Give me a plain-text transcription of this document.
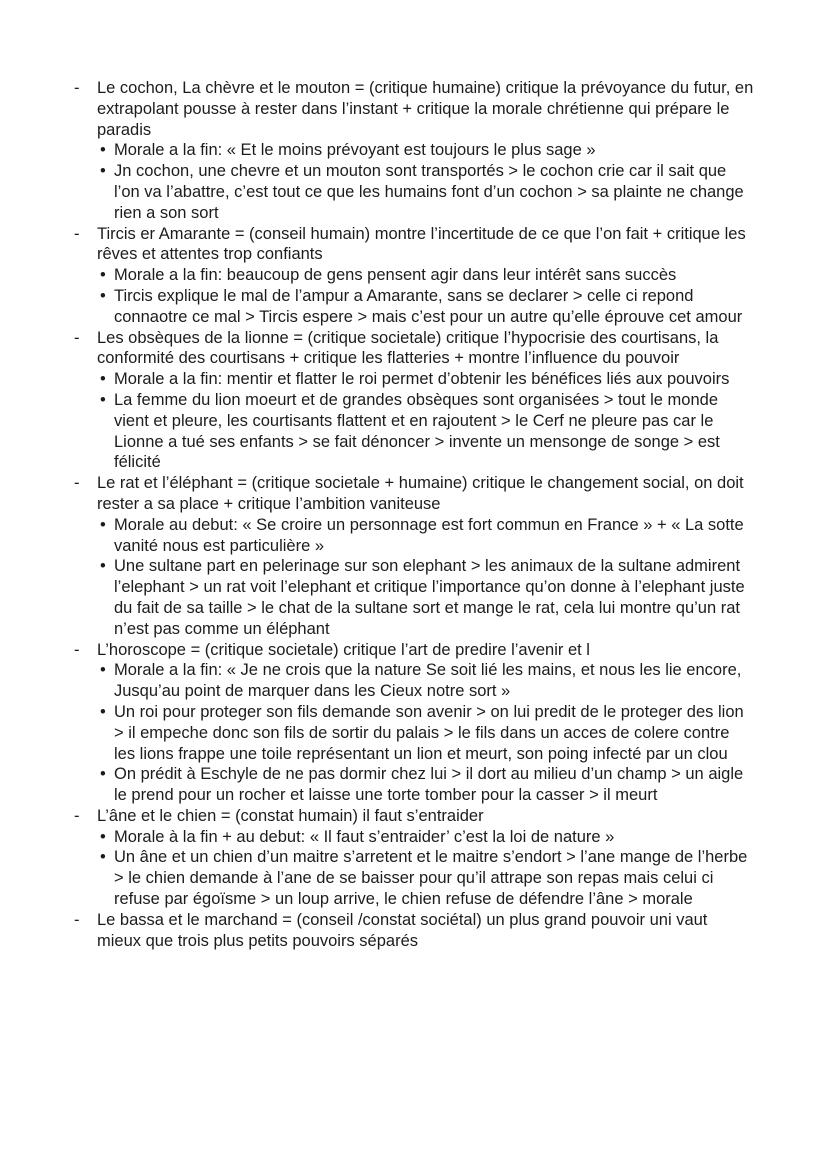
-	Le cochon, La chèvre et le mouton = (critique humaine) critique la prévoyance du futur, en extrapolant pousse à rester dans l’instant + critique la morale chrétienne qui prépare le paradis
• Morale a la fin: « Et le moins prévoyant est toujours le plus sage »
• Jn cochon, une chevre et un mouton sont transportés > le cochon crie car il sait que l’on va l’abattre, c’est tout ce que les humains font d’un cochon > sa plainte ne change rien a son sort
-	Tircis er Amarante = (conseil humain) montre l’incertitude de ce que l’on fait + critique les rêves et attentes trop confiants
• Morale a la fin: beaucoup de gens pensent agir dans leur intérêt sans succès
• Tircis explique le mal de l’ampur a Amarante, sans se declarer > celle ci repond connaotre ce mal > Tircis espere > mais c’est pour un autre qu’elle éprouve cet amour
-	Les obsèques de la lionne = (critique societale) critique l’hypocrisie des courtisans, la conformité des courtisans + critique les flatteries + montre l’influence du pouvoir
• Morale a la fin: mentir et flatter le roi permet d’obtenir les bénéfices liés aux pouvoirs
• La femme du lion moeurt et de grandes obsèques sont organisées > tout le monde vient et pleure, les courtisants flattent et en rajoutent > le Cerf ne pleure pas car le Lionne a tué ses enfants > se fait dénoncer > invente un mensonge de songe > est félicité
-	Le rat et l’éléphant = (critique societale + humaine) critique le changement social, on doit rester a sa place + critique l’ambition vaniteuse
• Morale au debut: « Se croire un personnage est fort commun en France » + « La sotte vanité nous est particulière »
• Une sultane part en pelerinage sur son elephant > les animaux de la sultane admirent l’elephant > un rat voit l’elephant et critique l’importance qu’on donne à l’elephant juste du fait de sa taille > le chat de la sultane sort et mange le rat, cela lui montre qu’un rat n’est pas comme un éléphant
-	L’horoscope = (critique societale) critique l’art de predire l’avenir et l
• Morale a la fin: « Je ne crois que la nature Se soit lié les mains, et nous les lie encore, Jusqu’au point de marquer dans les Cieux notre sort »
• Un roi pour proteger son fils demande son avenir > on lui predit de le proteger des lion > il empeche donc son fils de sortir du palais > le fils dans un acces de colere contre les lions frappe une toile représentant un lion et meurt, son poing infecté par un clou
• On prédit à Eschyle de ne pas dormir chez lui > il dort au milieu d’un champ > un aigle le prend pour un rocher et laisse une torte tomber pour la casser > il meurt
-	L’âne et le chien = (constat humain) il faut s’entraider
• Morale à la fin + au debut: « Il faut s’entraider’ c’est la loi de nature »
• Un âne et un chien d’un maitre s’arretent et le maitre s’endort > l’ane mange de l’herbe > le chien demande à l’ane de se baisser pour qu’il attrape son repas mais celui ci refuse par égoïsme > un loup arrive, le chien refuse de défendre l’âne > morale
-	Le bassa et le marchand = (conseil /constat sociétal) un plus grand pouvoir uni vaut mieux que trois plus petits pouvoirs séparés
